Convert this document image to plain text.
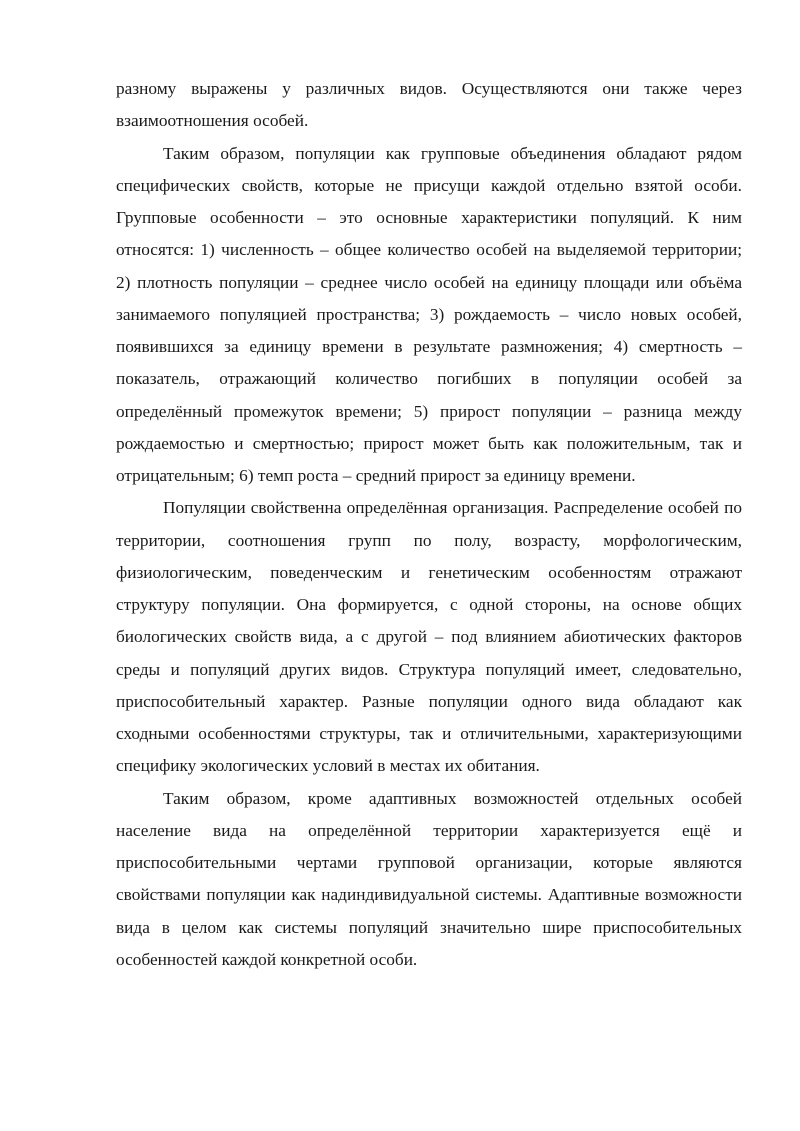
разному выражены у различных видов. Осуществляются они также через взаимоотношения особей.

Таким образом, популяции как групповые объединения обладают рядом специфических свойств, которые не присущи каждой отдельно взятой особи. Групповые особенности – это основные характеристики популяций. К ним относятся: 1) численность – общее количество особей на выделяемой территории; 2) плотность популяции – среднее число особей на единицу площади или объёма занимаемого популяцией пространства; 3) рождаемость – число новых особей, появившихся за единицу времени в результате размножения; 4) смертность – показатель, отражающий количество погибших в популяции особей за определённый промежуток времени; 5) прирост популяции – разница между рождаемостью и смертностью; прирост может быть как положительным, так и отрицательным; 6) темп роста – средний прирост за единицу времени.

Популяции свойственна определённая организация. Распределение особей по территории, соотношения групп по полу, возрасту, морфологическим, физиологическим, поведенческим и генетическим особенностям отражают структуру популяции. Она формируется, с одной стороны, на основе общих биологических свойств вида, а с другой – под влиянием абиотических факторов среды и популяций других видов. Структура популяций имеет, следовательно, приспособительный характер. Разные популяции одного вида обладают как сходными особенностями структуры, так и отличительными, характеризующими специфику экологических условий в местах их обитания.

Таким образом, кроме адаптивных возможностей отдельных особей население вида на определённой территории характеризуется ещё и приспособительными чертами групповой организации, которые являются свойствами популяции как надиндивидуальной системы. Адаптивные возможности вида в целом как системы популяций значительно шире приспособительных особенностей каждой конкретной особи.
